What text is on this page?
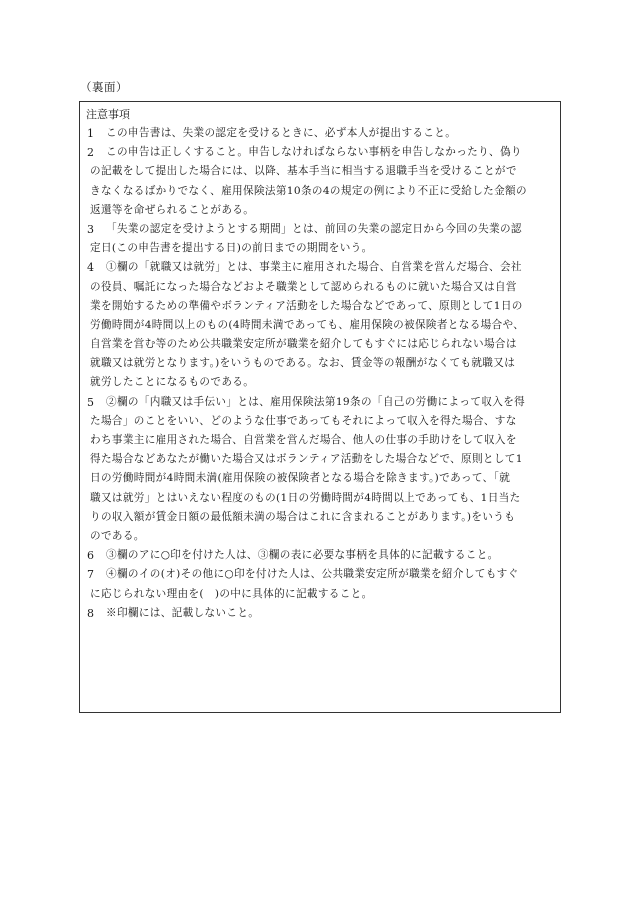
（裏面）
注意事項
1	この申告書は、失業の認定を受けるときに、必ず本人が提出すること。
2	この申告は正しくすること。申告しなければならない事柄を申告しなかったり、偽り
の記載をして提出した場合には、以降、基本手当に相当する退職手当を受けることがで
きなくなるばかりでなく、雇用保険法第10条の4の規定の例により不正に受給した金額の
返還等を命ぜられることがある。
3	「失業の認定を受けようとする期間」とは、前回の失業の認定日から今回の失業の認
定日(この申告書を提出する日)の前日までの期間をいう。
4	①欄の「就職又は就労」とは、事業主に雇用された場合、自営業を営んだ場合、会社
の役員、嘱託になった場合などおよそ職業として認められるものに就いた場合又は自営
業を開始するための準備やボランティア活動をした場合などであって、原則として1日の
労働時間が4時間以上のもの(4時間未満であっても、雇用保険の被保険者となる場合や、
自営業を営む等のため公共職業安定所が職業を紹介してもすぐには応じられない場合は
就職又は就労となります。)をいうものである。なお、賃金等の報酬がなくても就職又は
就労したことになるものである。
5	②欄の「内職又は手伝い」とは、雇用保険法第19条の「自己の労働によって収入を得
た場合」のことをいい、どのような仕事であってもそれによって収入を得た場合、すな
わち事業主に雇用された場合、自営業を営んだ場合、他人の仕事の手助けをして収入を
得た場合などあなたが働いた場合又はボランティア活動をした場合などで、原則として1
日の労働時間が4時間未満(雇用保険の被保険者となる場合を除きます。)であって、「就
職又は就労」とはいえない程度のもの(1日の労働時間が4時間以上であっても、1日当た
りの収入額が賃金日額の最低額未満の場合はこれに含まれることがあります。)をいうも
のである。
6	③欄のアに○印を付けた人は、③欄の表に必要な事柄を具体的に記載すること。
7	④欄のイの(オ)その他に○印を付けた人は、公共職業安定所が職業を紹介してもすぐ
に応じられない理由を(　)の中に具体的に記載すること。
8	※印欄には、記載しないこと。
